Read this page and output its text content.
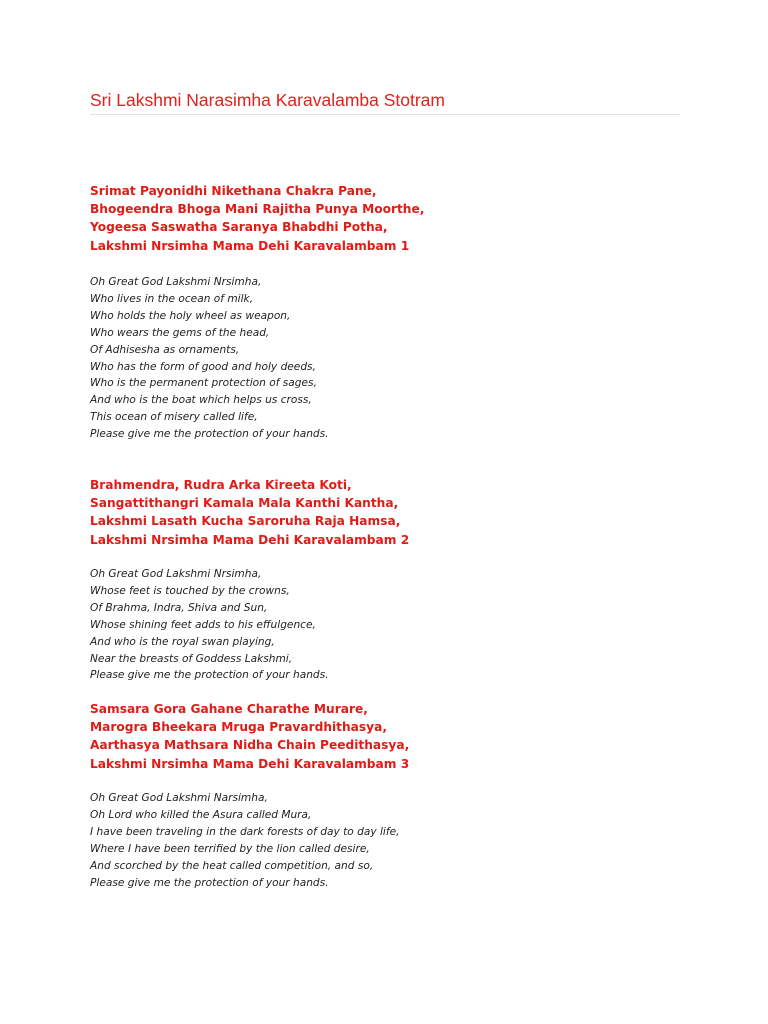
Sri Lakshmi Narasimha Karavalamba Stotram
Srimat Payonidhi Nikethana Chakra Pane,
Bhogeendra Bhoga Mani Rajitha Punya Moorthe,
Yogeesa Saswatha Saranya Bhabdhi Potha,
Lakshmi Nrsimha Mama Dehi Karavalambam 1
Oh Great God Lakshmi Nrsimha,
Who lives in the ocean of milk,
Who holds the holy wheel as weapon,
Who wears the gems of the head,
Of Adhisesha as ornaments,
Who has the form of good and holy deeds,
Who is the permanent protection of sages,
And who is the boat which helps us cross,
This ocean of misery called life,
Please give me the protection of your hands.
Brahmendra, Rudra Arka Kireeta Koti,
Sangattithangri Kamala Mala Kanthi Kantha,
Lakshmi Lasath Kucha Saroruha Raja Hamsa,
Lakshmi Nrsimha Mama Dehi Karavalambam 2
Oh Great God Lakshmi Nrsimha,
Whose feet is touched by the crowns,
Of Brahma, Indra, Shiva and Sun,
Whose shining feet adds to his effulgence,
And who is the royal swan playing,
Near the breasts of Goddess Lakshmi,
Please give me the protection of your hands.
Samsara Gora Gahane Charathe Murare,
Marogra Bheekara Mruga Pravardhithasya,
Aarthasya Mathsara Nidha Chain Peedithasya,
Lakshmi Nrsimha Mama Dehi Karavalambam 3
Oh Great God Lakshmi Narsimha,
Oh Lord who killed the Asura called Mura,
I have been traveling in the dark forests of day to day life,
Where I have been terrified by the lion called desire,
And scorched by the heat called competition, and so,
Please give me the protection of your hands.
